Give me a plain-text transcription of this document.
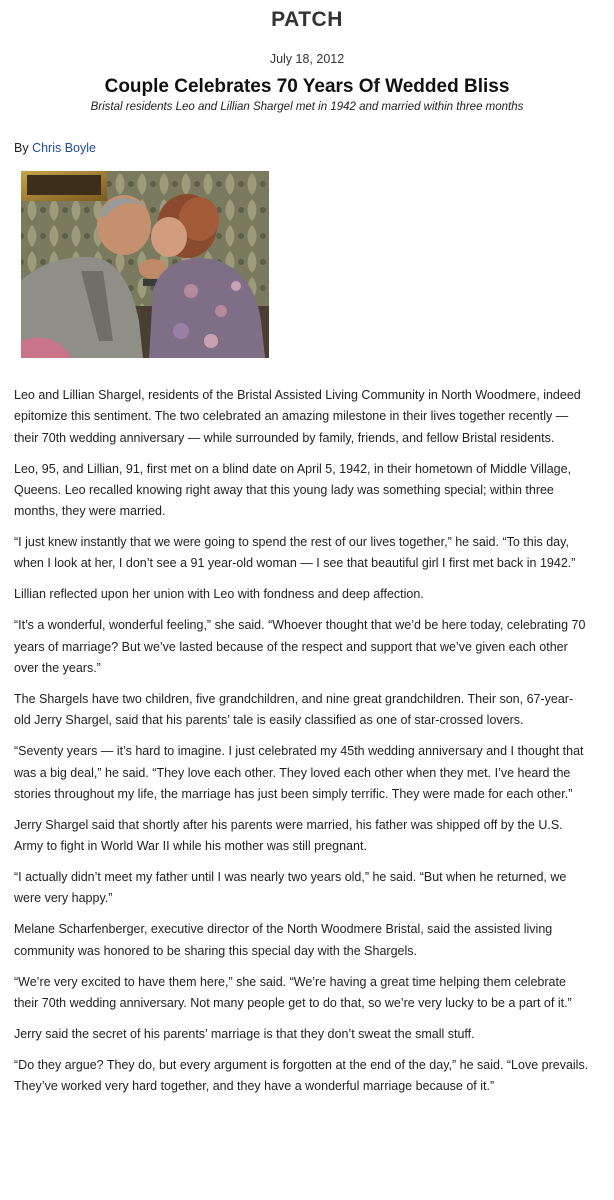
PATCH
July 18, 2012
Couple Celebrates 70 Years Of Wedded Bliss
Bristal residents Leo and Lillian Shargel met in 1942 and married within three months
By Chris Boyle

Leo and Lillian Shargel, residents of the Bristal Assisted Living Community in North Woodmere, indeed epitomize this sentiment. The two celebrated an amazing milestone in their lives together recently — their 70th wedding anniversary — while surrounded by family, friends, and fellow Bristal residents.

Leo, 95, and Lillian, 91, first met on a blind date on April 5, 1942, in their hometown of Middle Village, Queens. Leo recalled knowing right away that this young lady was something special; within three months, they were married.

“I just knew instantly that we were going to spend the rest of our lives together,” he said. “To this day, when I look at her, I don’t see a 91 year-old woman — I see that beautiful girl I first met back in 1942.”

Lillian reflected upon her union with Leo with fondness and deep affection.

“It’s a wonderful, wonderful feeling,” she said. “Whoever thought that we’d be here today, celebrating 70 years of marriage? But we’ve lasted because of the respect and support that we’ve given each other over the years.”

The Shargels have two children, five grandchildren, and nine great grandchildren. Their son, 67-year-old Jerry Shargel, said that his parents’ tale is easily classified as one of star-crossed lovers.

“Seventy years — it’s hard to imagine. I just celebrated my 45th wedding anniversary and I thought that was a big deal,” he said. “They love each other. They loved each other when they met. I’ve heard the stories throughout my life, the marriage has just been simply terrific. They were made for each other.”

Jerry Shargel said that shortly after his parents were married, his father was shipped off by the U.S. Army to fight in World War II while his mother was still pregnant.

“I actually didn’t meet my father until I was nearly two years old,” he said. “But when he returned, we were very happy.”

Melane Scharfenberger, executive director of the North Woodmere Bristal, said the assisted living community was honored to be sharing this special day with the Shargels.

“We’re very excited to have them here,” she said. “We’re having a great time helping them celebrate their 70th wedding anniversary. Not many people get to do that, so we’re very lucky to be a part of it.”

Jerry said the secret of his parents’ marriage is that they don’t sweat the small stuff.

“Do they argue? They do, but every argument is forgotten at the end of the day,” he said. “Love prevails. They’ve worked very hard together, and they have a wonderful marriage because of it.”
